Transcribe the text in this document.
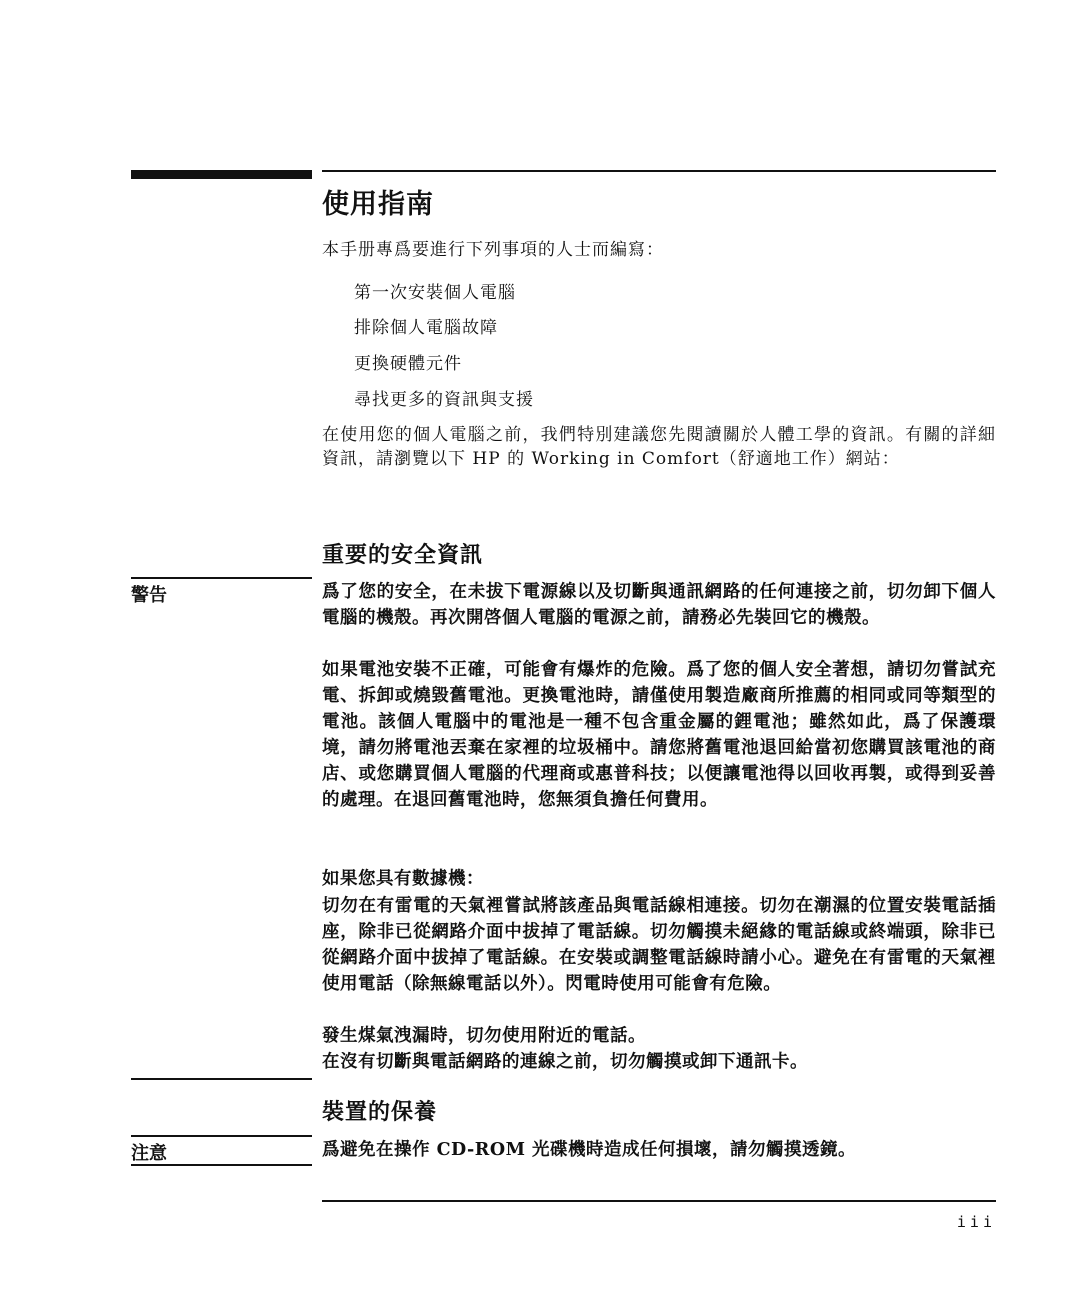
使用指南
本手册專爲要進行下列事項的人士而編寫：
第一次安裝個人電腦
排除個人電腦故障
更換硬體元件
尋找更多的資訊與支援
在使用您的個人電腦之前，我們特別建議您先閱讀關於人體工學的資訊。有關的詳細資訊，請瀏覽以下 HP 的 Working in Comfort（舒適地工作）網站：
重要的安全資訊
警告	爲了您的安全，在未拔下電源線以及切斷與通訊網路的任何連接之前，切勿卸下個人電腦的機殼。再次開啓個人電腦的電源之前，請務必先裝回它的機殼。
如果電池安裝不正確，可能會有爆炸的危險。爲了您的個人安全著想，請切勿嘗試充電、拆卸或燒毀舊電池。更換電池時，請僅使用製造廠商所推薦的相同或同等類型的電池。該個人電腦中的電池是一種不包含重金屬的鋰電池；雖然如此，爲了保護環境，請勿將電池丟棄在家裡的垃圾桶中。請您將舊電池退回給當初您購買該電池的商店、或您購買個人電腦的代理商或惠普科技；以便讓電池得以回收再製，或得到妥善的處理。在退回舊電池時，您無須負擔任何費用。
如果您具有數據機：
切勿在有雷電的天氣裡嘗試將該產品與電話線相連接。切勿在潮濕的位置安裝電話插座，除非已從網路介面中拔掉了電話線。切勿觸摸未絕緣的電話線或終端頭，除非已從網路介面中拔掉了電話線。在安裝或調整電話線時請小心。避免在有雷電的天氣裡使用電話（除無線電話以外）。閃電時使用可能會有危險。
發生煤氣洩漏時，切勿使用附近的電話。
在沒有切斷與電話網路的連線之前，切勿觸摸或卸下通訊卡。
裝置的保養
注意	爲避免在操作 CD-ROM 光碟機時造成任何損壞，請勿觸摸透鏡。
iii
